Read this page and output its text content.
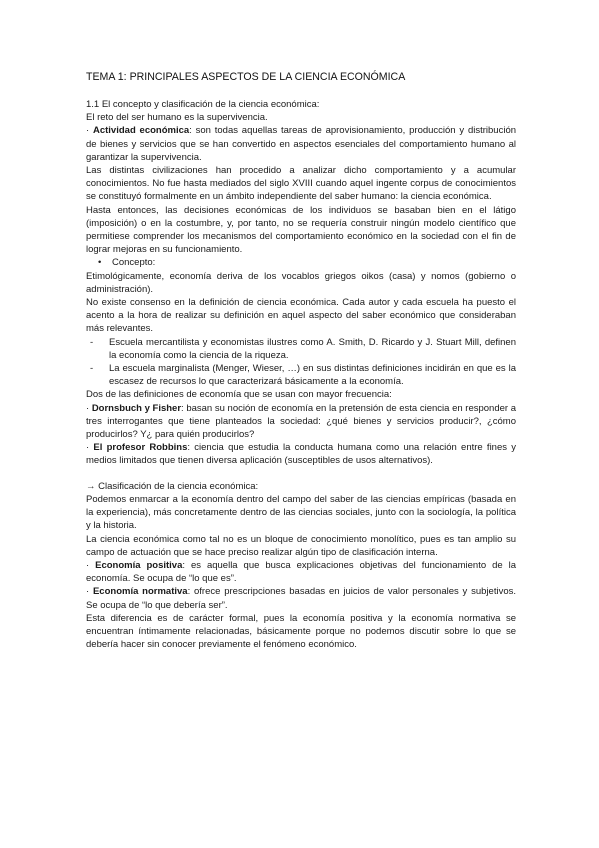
TEMA 1: PRINCIPALES ASPECTOS DE LA CIENCIA ECONÓMICA

1.1 El concepto y clasificación de la ciencia económica:

El reto del ser humano es la supervivencia.

· Actividad económica: son todas aquellas tareas de aprovisionamiento, producción y distribución de bienes y servicios que se han convertido en aspectos esenciales del comportamiento humano al garantizar la supervivencia.

Las distintas civilizaciones han procedido a analizar dicho comportamiento y a acumular conocimientos. No fue hasta mediados del siglo XVIII cuando aquel ingente corpus de conocimientos se constituyó formalmente en un ámbito independiente del saber humano: la ciencia económica.

Hasta entonces, las decisiones económicas de los individuos se basaban bien en el látigo (imposición) o en la costumbre, y, por tanto, no se requería construir ningún modelo científico que permitiese comprender los mecanismos del comportamiento económico en la sociedad con el fin de lograr mejoras en su funcionamiento.

• Concepto:

Etimológicamente, economía deriva de los vocablos griegos oikos (casa) y nomos (gobierno o administración).

No existe consenso en la definición de ciencia económica. Cada autor y cada escuela ha puesto el acento a la hora de realizar su definición en aquel aspecto del saber económico que consideraban más relevantes.

- Escuela mercantilista y economistas ilustres como A. Smith, D. Ricardo y J. Stuart Mill, definen la economía como la ciencia de la riqueza.

- La escuela marginalista (Menger, Wieser, …) en sus distintas definiciones incidirán en que es la escasez de recursos lo que caracterizará básicamente a la economía.

Dos de las definiciones de economía que se usan con mayor frecuencia:

· Dornsbuch y Fisher: basan su noción de economía en la pretensión de esta ciencia en responder a tres interrogantes que tiene planteados la sociedad: ¿qué bienes y servicios producir?, ¿cómo producirlos? Y¿ para quién producirlos?

· El profesor Robbins: ciencia que estudia la conducta humana como una relación entre fines y medios limitados que tienen diversa aplicación (susceptibles de usos alternativos).

→ Clasificación de la ciencia económica:

Podemos enmarcar a la economía dentro del campo del saber de las ciencias empíricas (basada en la experiencia), más concretamente dentro de las ciencias sociales, junto con la sociología, la política y la historia.

La ciencia económica como tal no es un bloque de conocimiento monolítico, pues es tan amplio su campo de actuación que se hace preciso realizar algún tipo de clasificación interna.

· Economía positiva: es aquella que busca explicaciones objetivas del funcionamiento de la economía. Se ocupa de “lo que es”.

· Economía normativa: ofrece prescripciones basadas en juicios de valor personales y subjetivos. Se ocupa de “lo que debería ser”.

Esta diferencia es de carácter formal, pues la economía positiva y la economía normativa se encuentran íntimamente relacionadas, básicamente porque no podemos discutir sobre lo que se debería hacer sin conocer previamente el fenómeno económico.
